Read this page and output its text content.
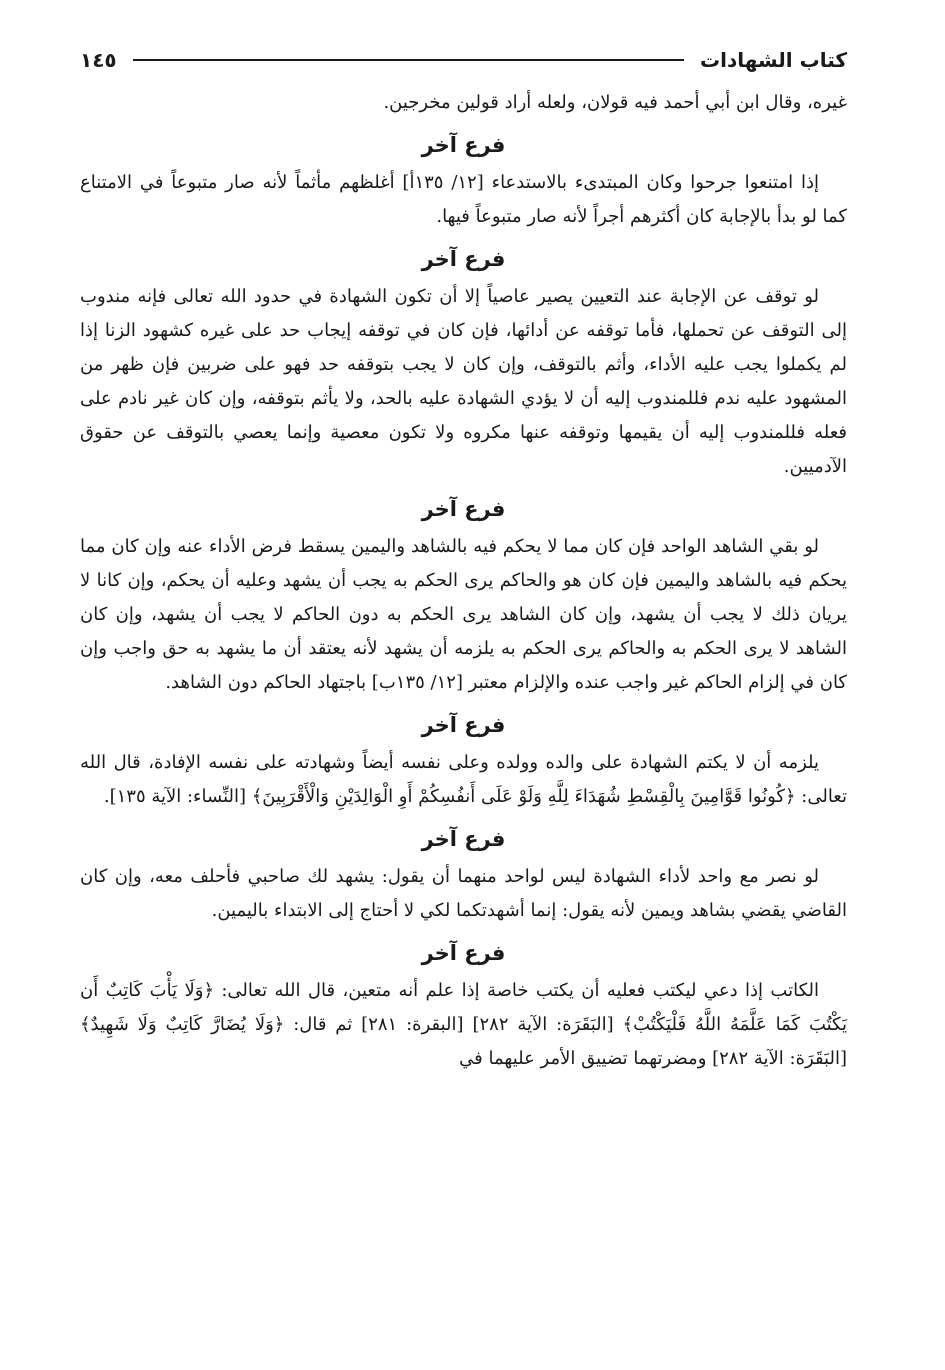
كتاب الشهادات
١٤٥

غيره، وقال ابن أبي أحمد فيه قولان، ولعله أراد قولين مخرجين.

فرع آخر

إذا امتنعوا جرحوا وكان المبتدىء بالاستدعاء [١٢/ ١٣٥أ] أغلظهم مأثماً لأنه صار متبوعاً في الامتناع كما لو بدأ بالإجابة كان أكثرهم أجراً لأنه صار متبوعاً فيها.

فرع آخر

لو توقف عن الإجابة عند التعيين يصير عاصياً إلا أن تكون الشهادة في حدود الله تعالى فإنه مندوب إلى التوقف عن تحملها، فأما توقفه عن أدائها، فإن كان في توقفه إيجاب حد على غيره كشهود الزنا إذا لم يكملوا يجب عليه الأداء، وأثم بالتوقف، وإن كان لا يجب بتوقفه حد فهو على ضربين فإن ظهر من المشهود عليه ندم فللمندوب إليه أن لا يؤدي الشهادة عليه بالحد، ولا يأثم بتوقفه، وإن كان غير نادم على فعله فللمندوب إليه أن يقيمها وتوقفه عنها مكروه ولا تكون معصية وإنما يعصي بالتوقف عن حقوق الآدميين.

فرع آخر

لو بقي الشاهد الواحد فإن كان مما لا يحكم فيه بالشاهد واليمين يسقط فرض الأداء عنه وإن كان مما يحكم فيه بالشاهد واليمين فإن كان هو والحاكم يرى الحكم به يجب أن يشهد وعليه أن يحكم، وإن كانا لا يريان ذلك لا يجب أن يشهد، وإن كان الشاهد يرى الحكم به دون الحاكم لا يجب أن يشهد، وإن كان الشاهد لا يرى الحكم به والحاكم يرى الحكم به يلزمه أن يشهد لأنه يعتقد أن ما يشهد به حق واجب وإن كان في إلزام الحاكم غير واجب عنده والإلزام معتبر [١٢/ ١٣٥ب] باجتهاد الحاكم دون الشاهد.

فرع آخر

يلزمه أن لا يكتم الشهادة على والده وولده وعلى نفسه أيضاً وشهادته على نفسه الإفادة، قال الله تعالى: ﴿كُونُوا قَوَّامِينَ بِالْقِسْطِ شُهَدَاءَ لِلَّهِ وَلَوْ عَلَى أَنفُسِكُمْ أَوِ الْوَالِدَيْنِ وَالْأَقْرَبِينَ﴾ [النِّساء: الآية ١٣٥].

فرع آخر

لو نصر مع واحد لأداء الشهادة ليس لواحد منهما أن يقول: يشهد لك صاحبي فأحلف معه، وإن كان القاضي يقضي بشاهد ويمين لأنه يقول: إنما أشهدتكما لكي لا أحتاج إلى الابتداء باليمين.

فرع آخر

الكاتب إذا دعي ليكتب فعليه أن يكتب خاصة إذا علم أنه متعين، قال الله تعالى: ﴿وَلَا يَأْبَ كَاتِبٌ أَن يَكْتُبَ كَمَا عَلَّمَهُ اللَّهُ فَلْيَكْتُبْ﴾ [البَقَرَة: الآية ٢٨٢] [البقرة: ٢٨١] ثم قال: ﴿وَلَا يُضَارَّ كَاتِبٌ وَلَا شَهِيدٌ﴾ [البَقَرَة: الآية ٢٨٢] ومضرتهما تضييق الأمر عليهما في
